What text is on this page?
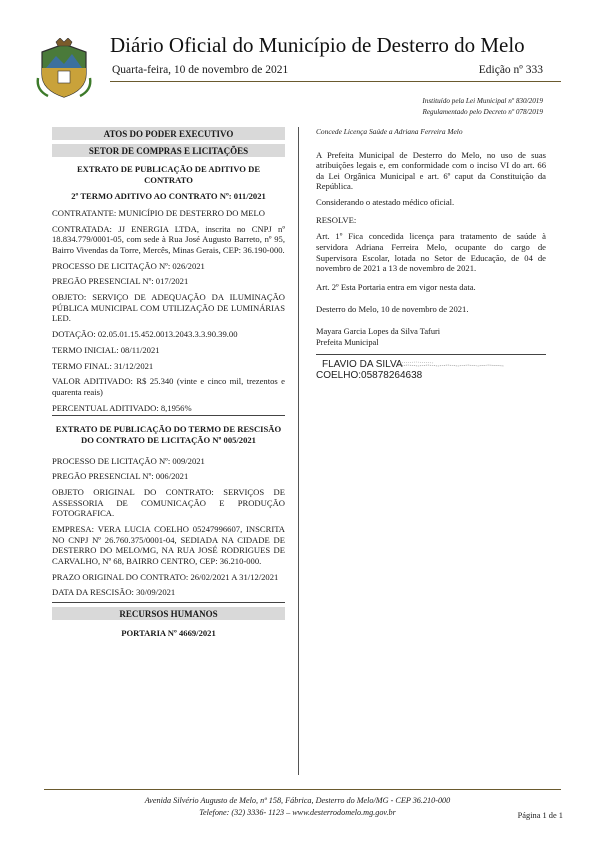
Diário Oficial do Município de Desterro do Melo
Quarta-feira, 10 de novembro de 2021	Edição nº 333
Instituído pela Lei Municipal nº 830/2019
Regulamentado pelo Decreto nº 078/2019
ATOS DO PODER EXECUTIVO
SETOR DE COMPRAS E LICITAÇÕES
EXTRATO DE PUBLICAÇÃO DE ADITIVO DE CONTRATO
2º TERMO ADITIVO AO CONTRATO Nº: 011/2021

CONTRATANTE: MUNICÍPIO DE DESTERRO DO MELO

CONTRATADA: JJ ENERGIA LTDA, inscrita no CNPJ nº 18.834.779/0001-05, com sede à Rua José Augusto Barreto, nº 95, Bairro Vivendas da Torre, Mercês, Minas Gerais, CEP: 36.190-000.

PROCESSO DE LICITAÇÃO Nº: 026/2021

PREGÃO PRESENCIAL Nº: 017/2021

OBJETO: SERVIÇO DE ADEQUAÇÃO DA ILUMINAÇÃO PÚBLICA MUNICIPAL COM UTILIZAÇÃO DE LUMINÁRIAS LED.

DOTAÇÃO: 02.05.01.15.452.0013.2043.3.3.90.39.00

TERMO INICIAL: 08/11/2021

TERMO FINAL: 31/12/2021

VALOR ADITIVADO: R$ 25.340 (vinte e cinco mil, trezentos e quarenta reais)

PERCENTUAL ADITIVADO: 8,1956%

EXTRATO DE PUBLICAÇÃO DO TERMO DE RESCISÃO DO CONTRATO DE LICITAÇÃO Nº 005/2021

PROCESSO DE LICITAÇÃO Nº: 009/2021

PREGÃO PRESENCIAL Nº: 006/2021

OBJETO ORIGINAL DO CONTRATO: SERVIÇOS DE ASSESSORIA DE COMUNICAÇÃO E PRODUÇÃO FOTOGRAFICA.

EMPRESA: VERA LUCIA COELHO 05247996607, INSCRITA NO CNPJ Nº 26.760.375/0001-04, SEDIADA NA CIDADE DE DESTERRO DO MELO/MG, NA RUA JOSÉ RODRIGUES DE CARVALHO, Nº 68, BAIRRO CENTRO, CEP: 36.210-000.

PRAZO ORIGINAL DO CONTRATO: 26/02/2021 A 31/12/2021

DATA DA RESCISÃO: 30/09/2021

RECURSOS HUMANOS
PORTARIA Nº 4669/2021

Concede Licença Saúde a Adriana Ferreira Melo

A Prefeita Municipal de Desterro do Melo, no uso de suas atribuições legais e, em conformidade com o inciso VI do art. 66 da Lei Orgânica Municipal e art. 6º caput da Constituição da República.

Considerando o atestado médico oficial.

RESOLVE:

Art. 1º Fica concedida licença para tratamento de saúde à servidora Adriana Ferreira Melo, ocupante do cargo de Supervisora Escolar, lotada no Setor de Educação, de 04 de novembro de 2021 a 13 de novembro de 2021.

Art. 2º Esta Portaria entra em vigor nesta data.

Desterro do Melo, 10 de novembro de 2021.

Mayara Garcia Lopes da Silva Tafuri

Prefeita Municipal

FLAVIO DA SILVA
COELHO:05878264638
Avenida Silvério Augusto de Melo, nº 158, Fábrica, Desterro do Melo/MG - CEP 36.210-000
Telefone: (32) 3336- 1123 – www.desterrodomelo.mg.gov.br	Página 1 de 1
